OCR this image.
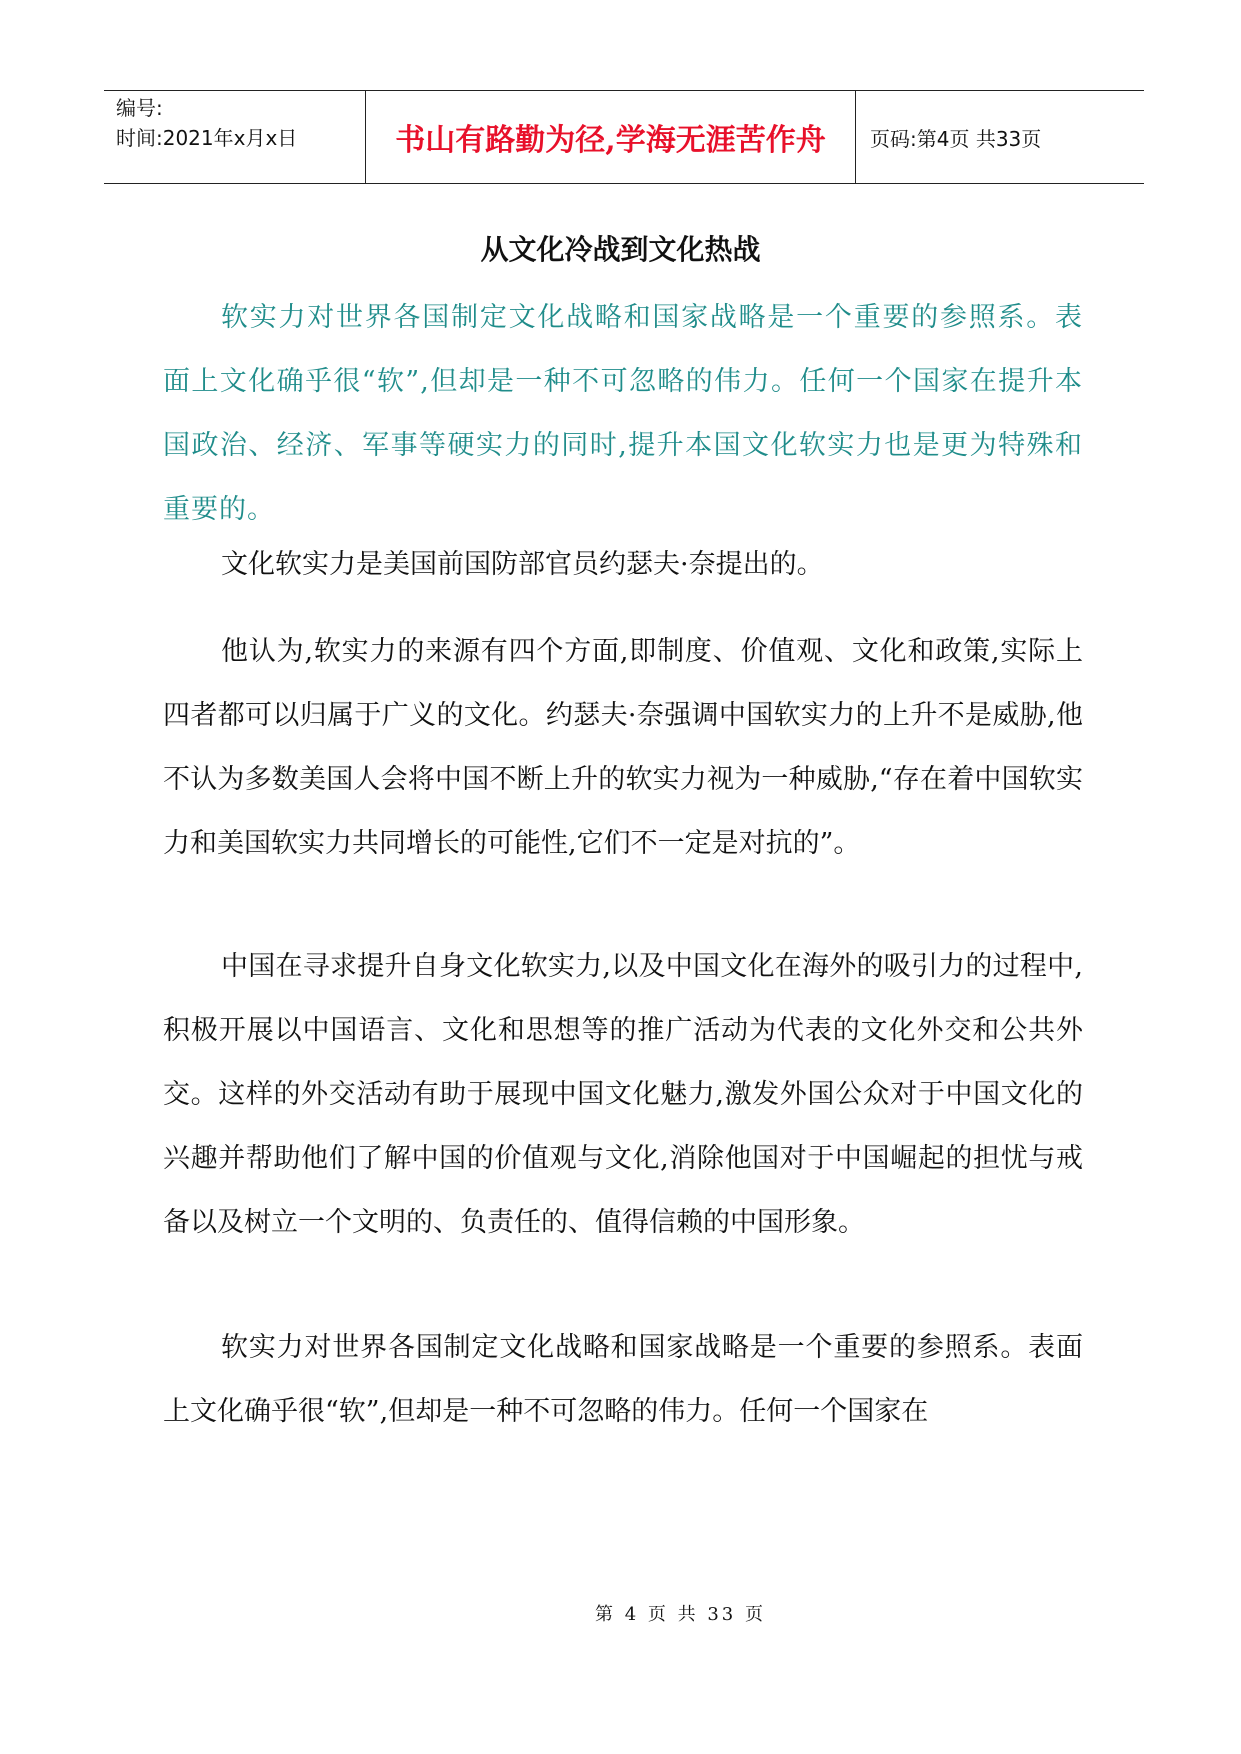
编号:
时间:2021年x月x日	书山有路勤为径,学海无涯苦作舟	页码:第4页 共33页
从文化冷战到文化热战

软实力对世界各国制定文化战略和国家战略是一个重要的参照系。表面上文化确乎很“软”,但却是一种不可忽略的伟力。任何一个国家在提升本国政治、经济、军事等硬实力的同时,提升本国文化软实力也是更为特殊和重要的。

文化软实力是美国前国防部官员约瑟夫·奈提出的。

他认为,软实力的来源有四个方面,即制度、价值观、文化和政策,实际上四者都可以归属于广义的文化。约瑟夫·奈强调中国软实力的上升不是威胁,他不认为多数美国人会将中国不断上升的软实力视为一种威胁,“存在着中国软实力和美国软实力共同增长的可能性,它们不一定是对抗的”。

中国在寻求提升自身文化软实力,以及中国文化在海外的吸引力的过程中,积极开展以中国语言、文化和思想等的推广活动为代表的文化外交和公共外交。这样的外交活动有助于展现中国文化魅力,激发外国公众对于中国文化的兴趣并帮助他们了解中国的价值观与文化,消除他国对于中国崛起的担忧与戒备以及树立一个文明的、负责任的、值得信赖的中国形象。

软实力对世界各国制定文化战略和国家战略是一个重要的参照系。表面上文化确乎很“软”,但却是一种不可忽略的伟力。任何一个国家在

第 4 页 共 33 页
